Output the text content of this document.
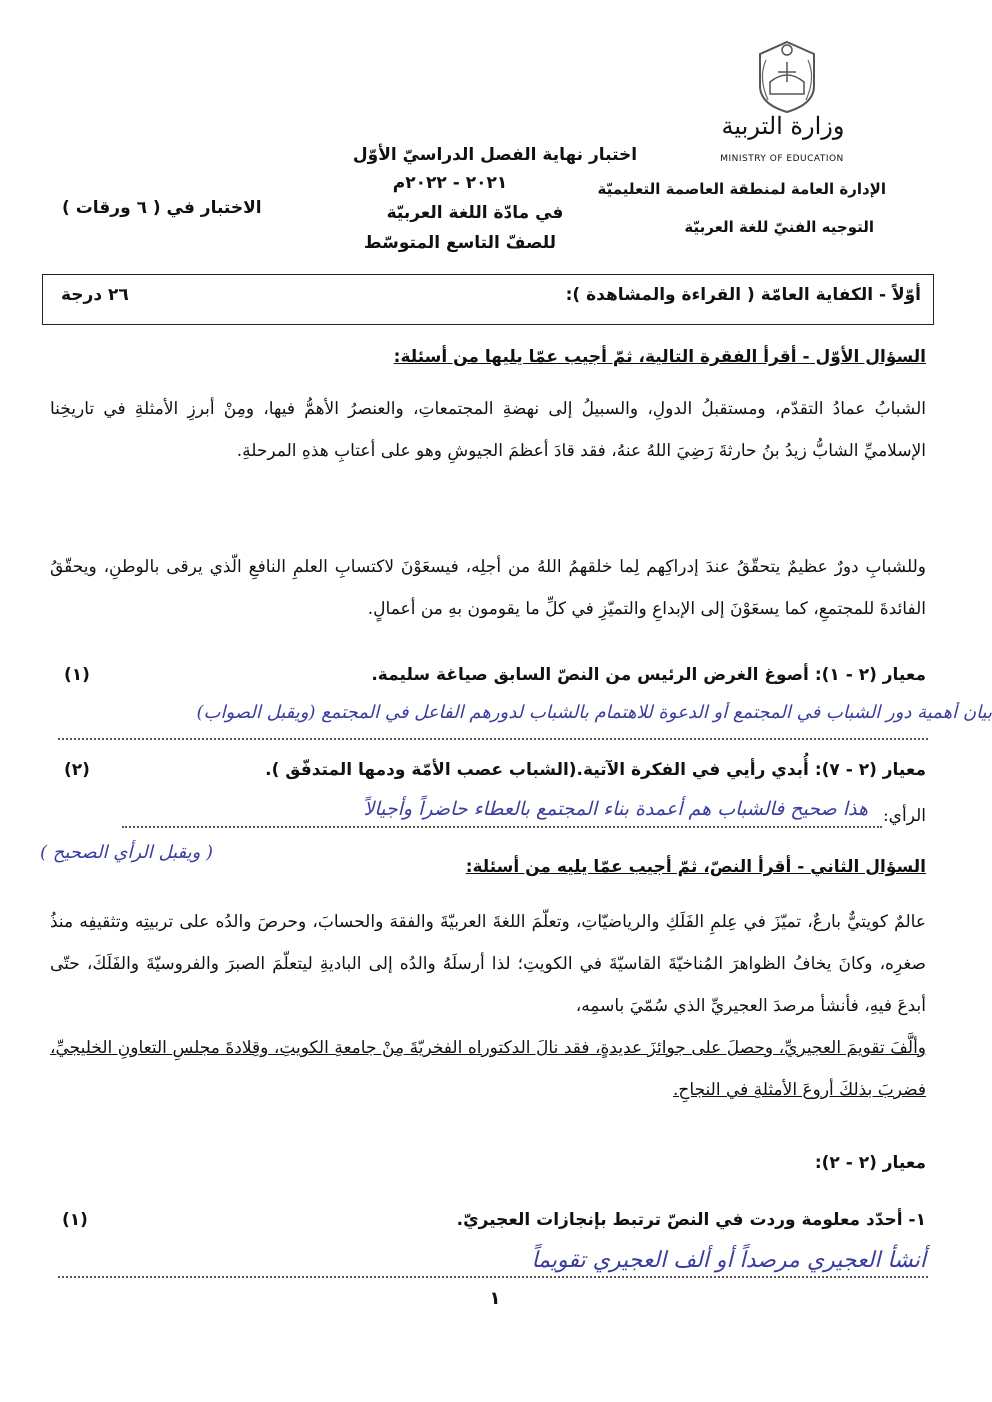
وزارة التربية
MINISTRY OF EDUCATION
الإدارة العامة لمنطقة العاصمة التعليميّة
التوجيه الفنيّ للغة العربيّة
اختبار نهاية الفصل الدراسيّ الأوّل
٢٠٢١ - ٢٠٢٢م
في مادّة اللغة العربيّة
للصفّ التاسع المتوسّط
الاختبار في ( ٦ ورقات )
أوّلاً - الكفاية العامّة ( القراءة والمشاهدة ):
٢٦ درجة
السؤال الأوّل - أقرأ الفقرة التالية، ثمّ أجيب عمّا يليها من أسئلة:
الشبابُ عمادُ التقدّم، ومستقبلُ الدولِ، والسبيلُ إلى نهضةِ المجتمعاتِ، والعنصرُ الأهمُّ فيها، ومِنْ أبرزِ الأمثلةِ في تاريخِنا الإسلاميِّ الشابُّ زيدُ بنُ حارثةَ رَضِيَ اللهُ عنهُ، فقد قادَ أعظمَ الجيوشِ وهو على أعتابِ هذهِ المرحلةِ.
وللشبابِ دورٌ عظيمٌ يتحقّقُ عندَ إدراكِهم لِما خلقهمُ اللهُ من أجلِه، فيسعَوْنَ لاكتسابِ العلمِ النافعِ الّذي يرقى بالوطنِ، ويحقّقُ الفائدةَ للمجتمعِ، كما يسعَوْنَ إلى الإبداعِ والتميّزِ في كلِّ ما يقومون بهِ من أعمالٍ.
معيار (٢ - ١): أصوغ الغرض الرئيس من النصّ السابق صياغة سليمة.
(١)
بيان أهمية دور الشباب في المجتمع أو الدعوة للاهتمام بالشباب لدورهم الفاعل في المجتمع (ويقبل الصواب)
معيار (٢ - ٧): أُبدي رأيي في الفكرة الآتية.(الشباب عصب الأمّة ودمها المتدفّق ).
(٢)
الرأي:
هذا صحيح فالشباب هم أعمدة بناء المجتمع بالعطاء حاضراً وأجيالاً
( ويقبل الرأي الصحيح )
السؤال الثاني - أقرأ النصّ، ثمّ أجيب عمّا يليه من أسئلة:
عالمٌ كويتيٌّ بارعٌ، تميّزَ في عِلمِ الفَلَكِ والرياضيّاتِ، وتعلّمَ اللغةَ العربيّةَ والفقهَ والحسابَ، وحرصَ والدُه على تربيتِه وتثقيفِه منذُ صغرِه، وكانَ يخافُ الظواهرَ المُناخيّةَ القاسيّةَ في الكويتِ؛ لذا أرسلَهُ والدُه إلى الباديةِ ليتعلّمَ الصبرَ والفروسيّةَ والفَلَكَ، حتّى أبدعَ فيهِ، فأنشأ مرصدَ العجيريِّ الذي سُمّيَ باسمِه،
وألَّفَ تقويمَ العجيريِّ، وحصلَ على جوائزَ عديدةٍ، فقد نالَ الدكتوراه الفخريّةَ مِنْ جامعةِ الكويتِ، وقِلادةَ مجلسِ التعاونِ الخليجيِّ، فضربَ بذلكَ أروعَ الأمثلةِ في النجاحِ.
معيار (٢ - ٢):
١- أحدّد معلومة وردت في النصّ ترتبط بإنجازات العجيريّ.
(١)
أنشأ العجيري مرصداً أو ألف العجيري تقويماً
١
